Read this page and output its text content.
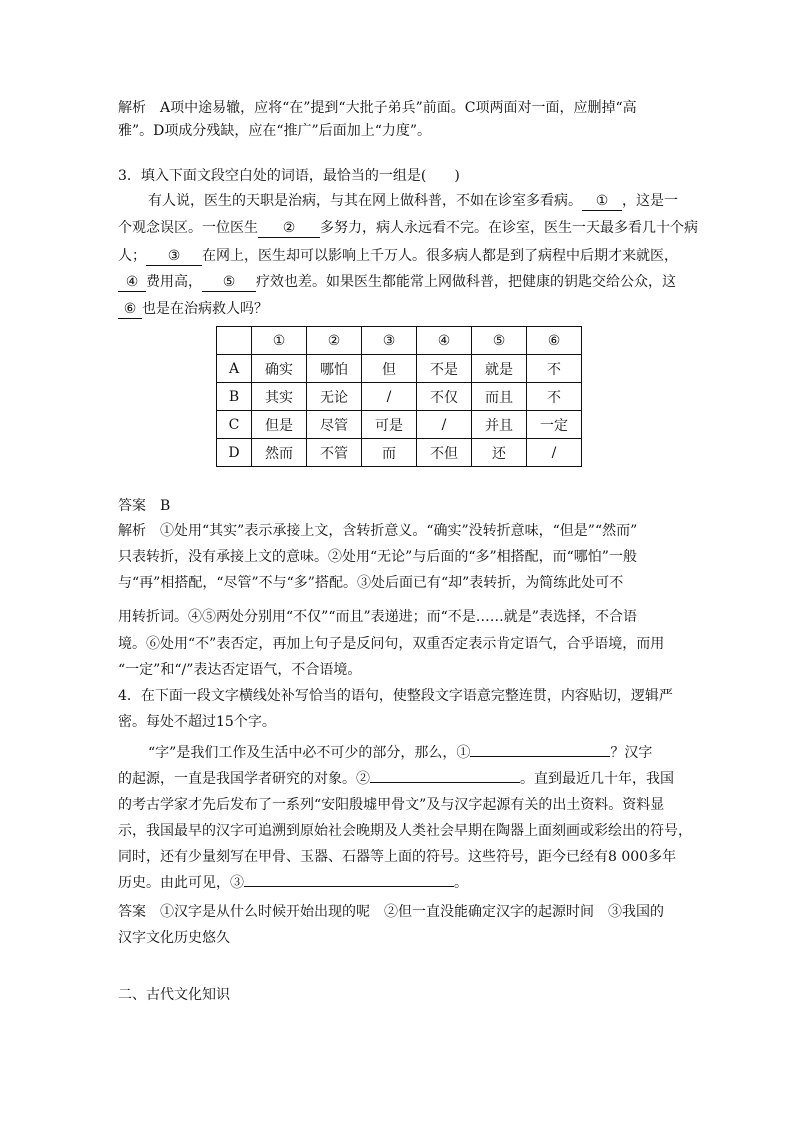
解析 A项中途易辙，应将“在”提到“大批子弟兵”前面。C项两面对一面，应删掉“高

雅”。D项成分残缺，应在“推广”后面加上“力度”。

3．填入下面文段空白处的词语，最恰当的一组是(　　)

有人说，医生的天职是治病，与其在网上做科普，不如在诊室多看病。 ① ，这是一

个观念误区。一位医生 ② 多努力，病人永远看不完。在诊室，医生一天最多看几十个病

人； ③ 在网上，医生却可以影响上千万人。很多病人都是到了病程中后期才来就医，

④ 费用高， ⑤ 疗效也差。如果医生都能常上网做科普，把健康的钥匙交给公众，这

⑥ 也是在治病救人吗？

	①	②	③	④	⑤	⑥
A	确实	哪怕	但	不是	就是	不
B	其实	无论	/	不仅	而且	不
C	但是	尽管	可是	/	并且	一定
D	然而	不管	而	不但	还	/

答案 B

解析 ①处用“其实”表示承接上文，含转折意义。“确实”没转折意味，“但是”“然而”

只表转折，没有承接上文的意味。②处用“无论”与后面的“多”相搭配，而“哪怕”一般

与“再”相搭配，“尽管”不与“多”搭配。③处后面已有“却”表转折，为简练此处可不

用转折词。④⑤两处分别用“不仅”“而且”表递进；而“不是……就是”表选择，不合语

境。⑥处用“不”表否定，再加上句子是反问句，双重否定表示肯定语气，合乎语境，而用

“一定”和“/”表达否定语气，不合语境。

4．在下面一段文字横线处补写恰当的语句，使整段文字语意完整连贯，内容贴切，逻辑严

密。每处不超过15个字。

“字”是我们工作及生活中必不可少的部分，那么，①	？汉字

的起源，一直是我国学者研究的对象。②	。直到最近几十年，我国

的考古学家才先后发布了一系列“安阳殷墟甲骨文”及与汉字起源有关的出土资料。资料显

示，我国最早的汉字可追溯到原始社会晚期及人类社会早期在陶器上面刻画或彩绘出的符号，

同时，还有少量刻写在甲骨、玉器、石器等上面的符号。这些符号，距今已经有8 000多年

历史。由此可见，③	。

答案 ①汉字是从什么时候开始出现的呢　②但一直没能确定汉字的起源时间　③我国的

汉字文化历史悠久

二、古代文化知识
